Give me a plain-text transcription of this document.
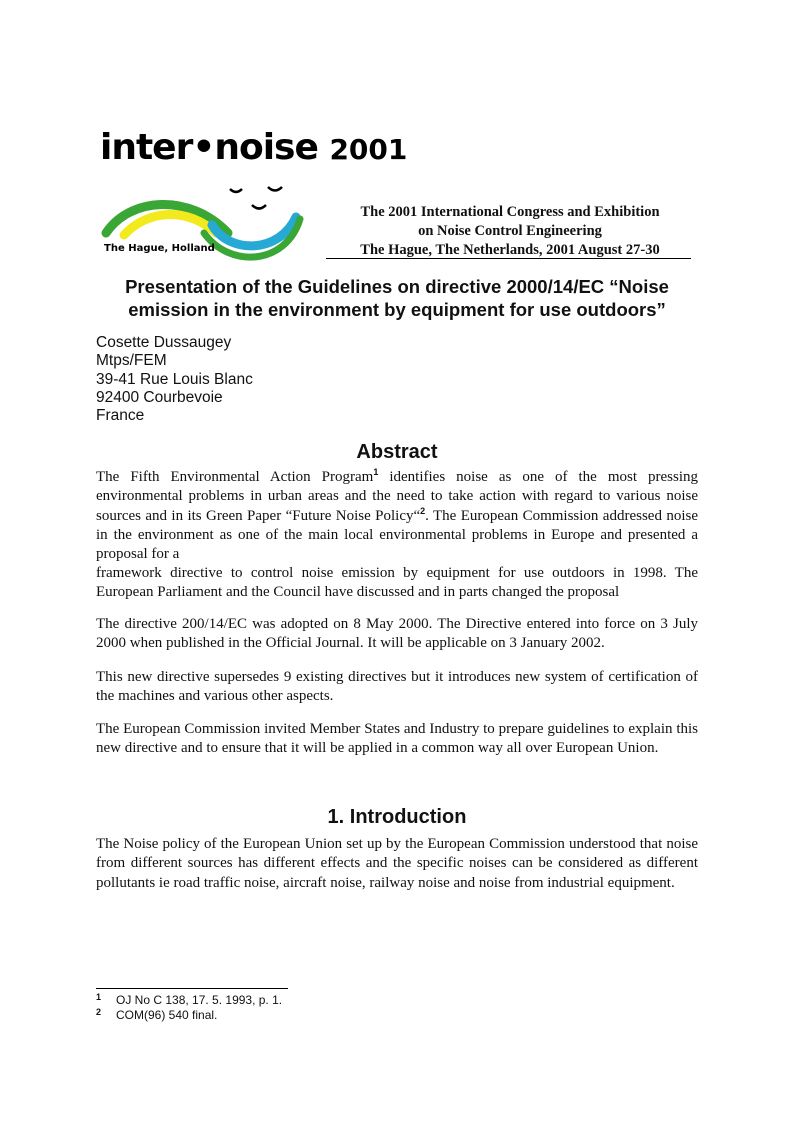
inter•noise 2001
The Hague, Holland
The 2001 International Congress and Exhibition
on Noise Control Engineering
The Hague, The Netherlands, 2001 August 27-30
Presentation of the Guidelines on directive 2000/14/EC “Noise emission in the environment by equipment for use outdoors”
Cosette Dussaugey
Mtps/FEM
39-41 Rue Louis Blanc
92400 Courbevoie
France
Abstract

The Fifth Environmental Action Program$^1$ identifies noise as one of the most pressing environmental problems in urban areas and the need to take action with regard to various noise sources and in its Green Paper “Future Noise Policy“$^2$. The European Commission addressed noise in the environment as one of the main local environmental problems in Europe and presented a proposal for a

framework directive to control noise emission by equipment for use outdoors in 1998. The European Parliament and the Council have discussed and in parts changed the proposal

The directive 200/14/EC was adopted on 8 May 2000. The Directive entered into force on 3 July 2000 when published in the Official Journal. It will be applicable on 3 January 2002.

This new directive supersedes 9 existing directives but it introduces new system of certification of the machines and various other aspects.

The European Commission invited Member States and Industry to prepare guidelines to explain this new directive and to ensure that it will be applied in a common way all over European Union.

1. Introduction

The Noise policy of the European Union set up by the European Commission understood that noise from different sources has different effects and the specific noises can be considered as different pollutants ie road traffic noise, aircraft noise, railway noise and noise from industrial equipment.

1	OJ No C 138, 17. 5. 1993, p. 1.
2	COM(96) 540 final.
